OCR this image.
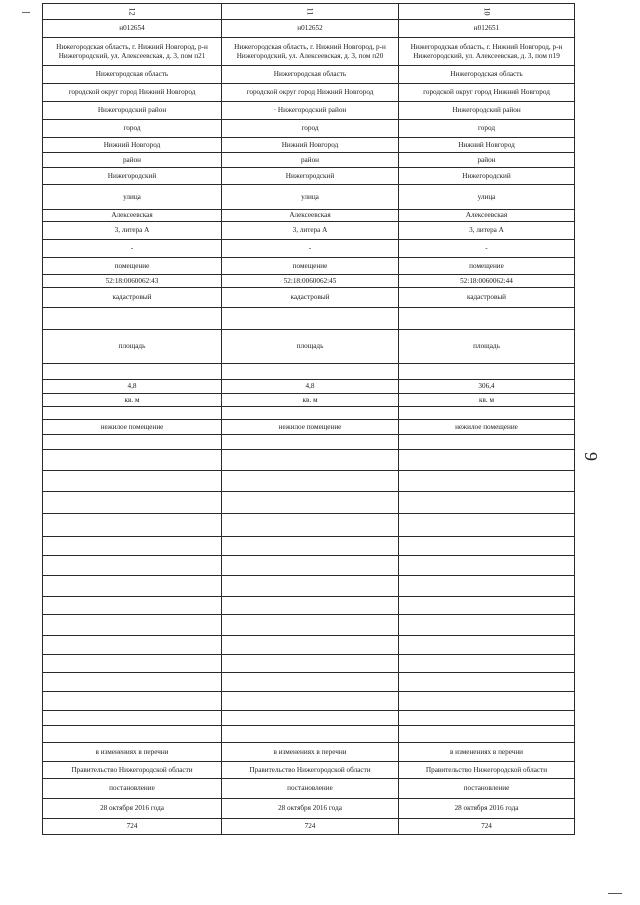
12	11	10
н012654	н012652	н012651
Нижегородская область, г. Нижний Новгород, р-н Нижегородский, ул. Алексеевская, д. 3, пом п21	Нижегородская область, г. Нижний Новгород, р-н Нижегородский, ул. Алексеевская, д. 3, пом п20	Нижегородская область, г. Нижний Новгород, р-н Нижегородский, ул. Алексеевская, д. 3, пом п19
Нижегородская область	Нижегородская область	Нижегородская область
городской округ город Нижний Новгород	городской округ город Нижний Новгород	городской округ город Нижний Новгород
Нижегородский район	· Нижегородский район	Нижегородский район
город	город	город
Нижний Новгород	Нижний Новгород	Нижний Новгород
район	район	район
Нижегородский	Нижегородский	Нижегородский
улица	улица	улица
Алексеевская	Алексеевская	Алексеевская
3, литера А	3, литера А	3, литера А
-	-	-
помещение	помещение	помещение
52:18:0060062:43	52:18:0060062:45	52:18:0060062:44
кадастровый	кадастровый	кадастровый

площадь	площадь	площадь

4,8	4,8	306,4
кв. м	кв. м	кв. м

нежилое помещение	нежилое помещение	нежилое помещение

в изменениях в перечни	в изменениях в перечни	в изменениях в перечни
Правительство Нижегородской области	Правительство Нижегородской области	Правительство Нижегородской области
постановление	постановление	постановление
28 октября 2016 года	28 октября 2016 года	28 октября 2016 года
724	724	724
9
